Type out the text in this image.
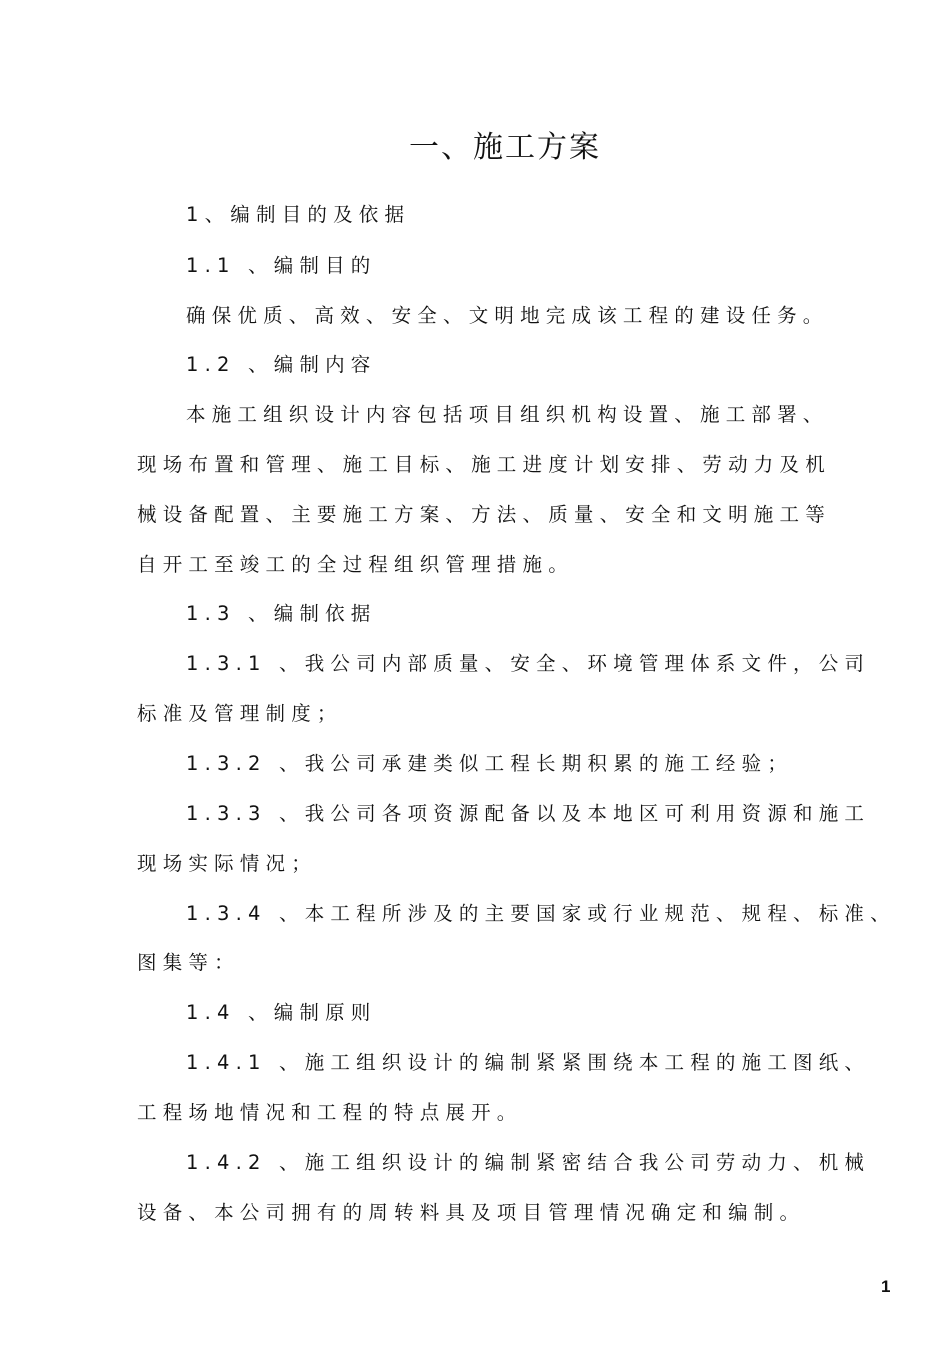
一、施工方案
1、编制目的及依据
1.1 、编制目的
确保优质、高效、安全、文明地完成该工程的建设任务。
1.2 、编制内容
本施工组织设计内容包括项目组织机构设置、施工部署、
现场布置和管理、施工目标、施工进度计划安排、劳动力及机
械设备配置、主要施工方案、方法、质量、安全和文明施工等
自开工至竣工的全过程组织管理措施。
1.3 、编制依据
1.3.1 、我公司内部质量、安全、环境管理体系文件，公司
标准及管理制度；
1.3.2 、我公司承建类似工程长期积累的施工经验；
1.3.3 、我公司各项资源配备以及本地区可利用资源和施工
现场实际情况；
1.3.4 、本工程所涉及的主要国家或行业规范、规程、标准、
图集等：
1.4 、编制原则
1.4.1 、施工组织设计的编制紧紧围绕本工程的施工图纸、
工程场地情况和工程的特点展开。
1.4.2 、施工组织设计的编制紧密结合我公司劳动力、机械
设备、本公司拥有的周转料具及项目管理情况确定和编制。
1
